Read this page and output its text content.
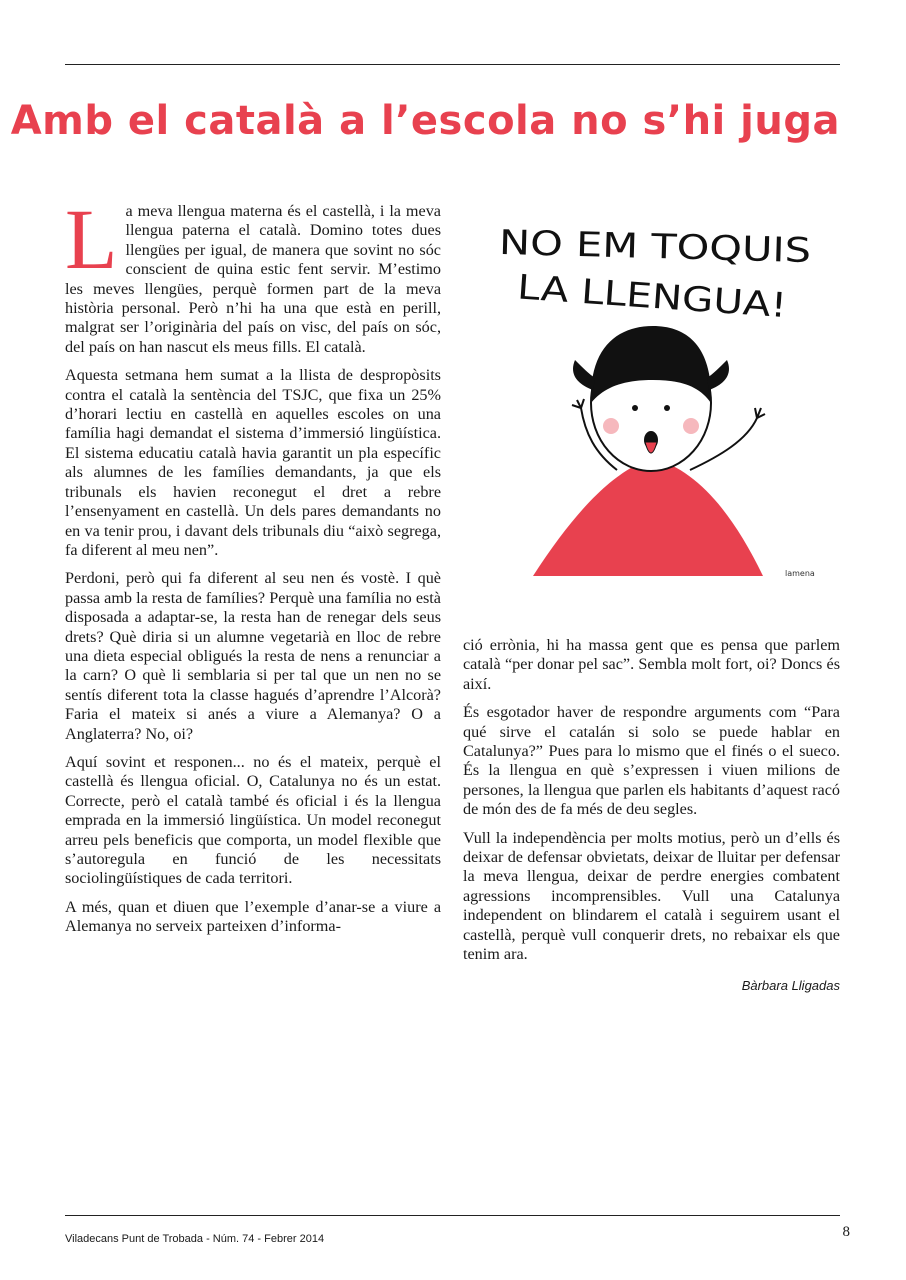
Amb el català a l’escola no s’hi juga

La meva llengua materna és el castellà, i la meva llengua paterna el català. Domino totes dues llengües per igual, de manera que sovint no sóc conscient de quina estic fent servir. M’estimo les meves llengües, perquè formen part de la meva història personal. Però n’hi ha una que està en perill, malgrat ser l’originària del país on visc, del país on sóc, del país on han nascut els meus fills. El català.

Aquesta setmana hem sumat a la llista de despropòsits contra el català la sentència del TSJC, que fixa un 25% d’horari lectiu en castellà en aquelles escoles on una família hagi demandat el sistema d’immersió lingüística. El sistema educatiu català havia garantit un pla específic als alumnes de les famílies demandants, ja que els tribunals els havien reconegut el dret a rebre l’ensenyament en castellà. Un dels pares demandants no en va tenir prou, i davant dels tribunals diu “això segrega, fa diferent al meu nen”.

Perdoni, però qui fa diferent al seu nen és vostè. I què passa amb la resta de famílies? Perquè una família no està disposada a adaptar-se, la resta han de renegar dels seus drets? Què diria si un alumne vegetarià en lloc de rebre una dieta especial obligués la resta de nens a renunciar a la carn? O què li semblaria si per tal que un nen no se sentís diferent tota la classe hagués d’aprendre l’Alcorà? Faria el mateix si anés a viure a Alemanya? O a Anglaterra? No, oi?

Aquí sovint et responen... no és el mateix, perquè el castellà és llengua oficial. O, Catalunya no és un estat. Correcte, però el català també és oficial i és la llengua emprada en la immersió lingüística. Un model reconegut arreu pels beneficis que comporta, un model flexible que s’autoregula en funció de les necessitats sociolingüístiques de cada territori.

A més, quan et diuen que l’exemple d’anar-se a viure a Alemanya no serveix parteixen d’informa-

NO EM TOQUIS
LA LLENGUA!
lamena

ció errònia, hi ha massa gent que es pensa que parlem català “per donar pel sac”. Sembla molt fort, oi? Doncs és així.

És esgotador haver de respondre arguments com “Para qué sirve el catalán si solo se puede hablar en Catalunya?” Pues para lo mismo que el finés o el sueco. És la llengua en què s’expressen i viuen milions de persones, la llengua que parlen els habitants d’aquest racó de món des de fa més de deu segles.

Vull la independència per molts motius, però un d’ells és deixar de defensar obvietats, deixar de lluitar per defensar la meva llengua, deixar de perdre energies combatent agressions incomprensibles. Vull una Catalunya independent on blindarem el català i seguirem usant el castellà, perquè vull conquerir drets, no rebaixar els que tenim ara.

Bàrbara Lligadas
Viladecans Punt de Trobada - Núm. 74 - Febrer 2014	8
